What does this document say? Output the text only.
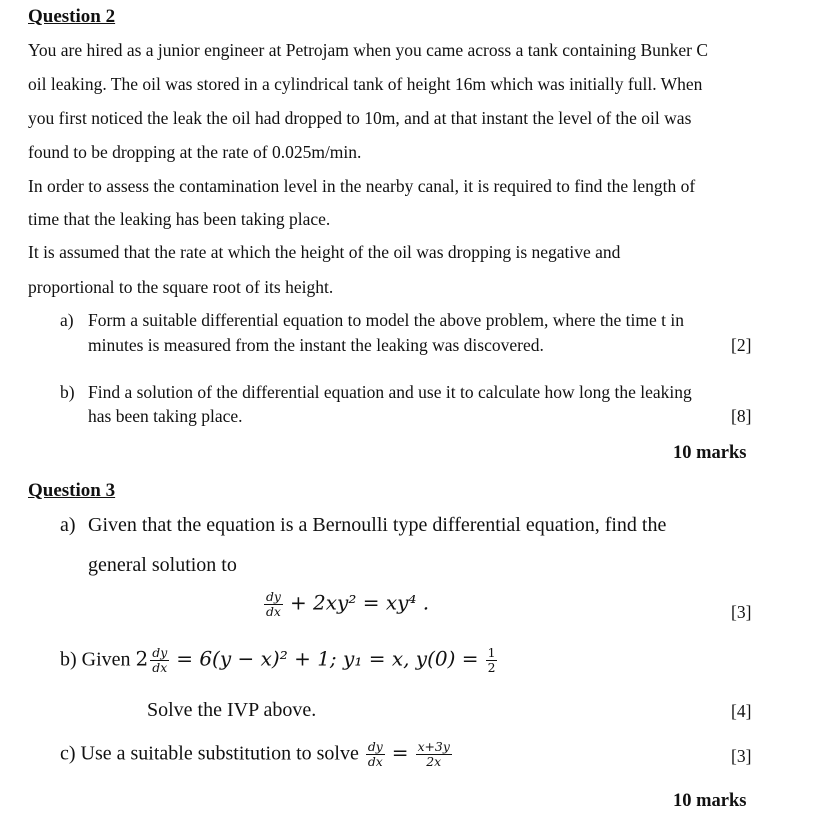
Question 2
You are hired as a junior engineer at Petrojam when you came across a tank containing Bunker C
oil leaking. The oil was stored in a cylindrical tank of height 16m which was initially full. When
you first noticed the leak the oil had dropped to 10m, and at that instant the level of the oil was
found to be dropping at the rate of 0.025m/min.
In order to assess the contamination level in the nearby canal, it is required to find the length of
time that the leaking has been taking place.
It is assumed that the rate at which the height of the oil was dropping is negative and
proportional to the square root of its height.
a) Form a suitable differential equation to model the above problem, where the time t in
minutes is measured from the instant the leaking was discovered.	[2]
b) Find a solution of the differential equation and use it to calculate how long the leaking
has been taking place.	[8]
10 marks
Question 3
a) Given that the equation is a Bernoulli type differential equation, find the
general solution to
$\frac{dy}{dx} + 2xy^2 = xy^4$ .	[3]
b) Given $2 \frac{dy}{dx} = 6(y - x)^2 + 1$; y₁ = x, $y(0) = \frac{1}{2}$
Solve the IVP above.	[4]
c) Use a suitable substitution to solve $\frac{dy}{dx} = \frac{x+3y}{2x}$	[3]
10 marks
